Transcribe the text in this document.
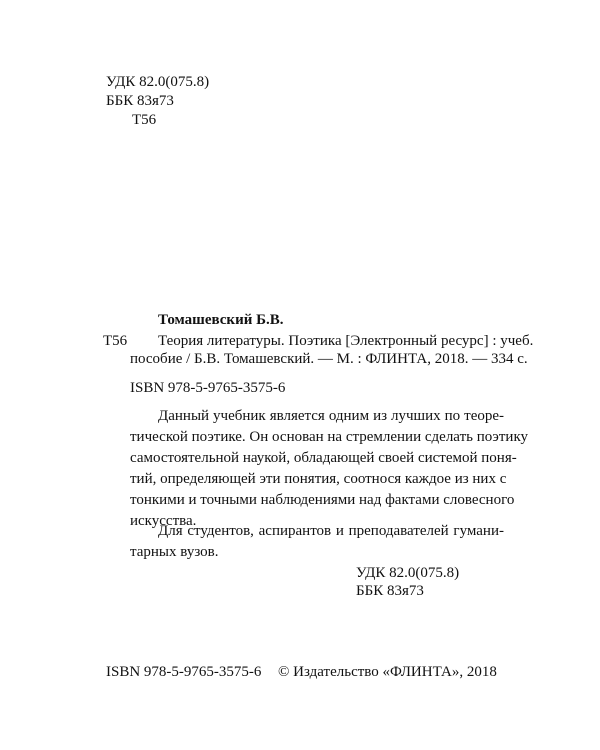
УДК 82.0(075.8)
ББК 83я73
Т56
Томашевский Б.В.
Т56 Теория литературы. Поэтика [Электронный ресурс] : учеб.
пособие / Б.В. Томашевский. — М. : ФЛИНТА, 2018. — 334 с.
ISBN 978-5-9765-3575-6
Данный учебник является одним из лучших по теоре-
тической поэтике. Он основан на стремлении сделать поэтику
самостоятельной наукой, обладающей своей системой поня-
тий, определяющей эти понятия, соотнося каждое из них с
тонкими и точными наблюдениями над фактами словесного
искусства.
Для студентов, аспирантов и преподавателей гумани-
тарных вузов.
УДК 82.0(075.8)
ББК 83я73
ISBN 978-5-9765-3575-6 © Издательство «ФЛИНТА», 2018
